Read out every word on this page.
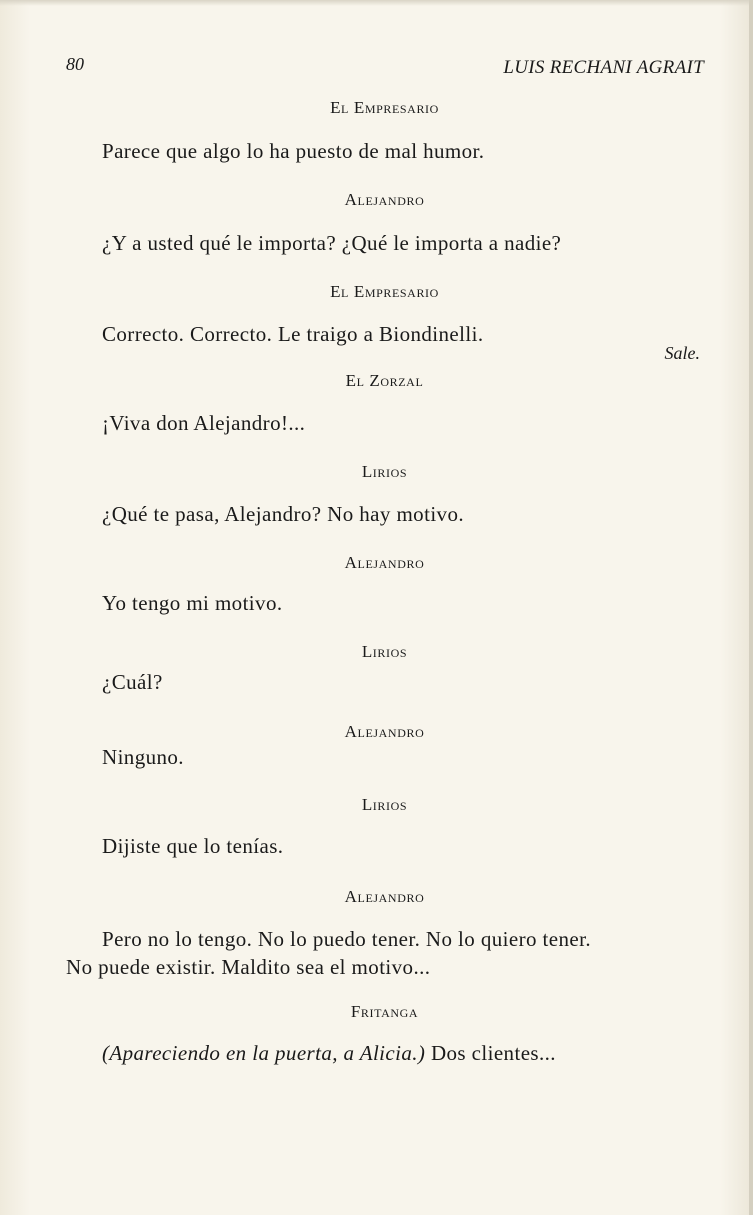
80	LUIS RECHANI AGRAIT
El Empresario
Parece que algo lo ha puesto de mal humor.
Alejandro
¿Y a usted qué le importa? ¿Qué le importa a nadie?
El Empresario
Correcto. Correcto. Le traigo a Biondinelli.
Sale.
El Zorzal
¡Viva don Alejandro!...
Lirios
¿Qué te pasa, Alejandro? No hay motivo.
Alejandro
Yo tengo mi motivo.
Lirios
¿Cuál?
Alejandro
Ninguno.
Lirios
Dijiste que lo tenías.
Alejandro
Pero no lo tengo. No lo puedo tener. No lo quiero tener.
No puede existir. Maldito sea el motivo...
Fritanga
(Apareciendo en la puerta, a Alicia.) Dos clientes...
